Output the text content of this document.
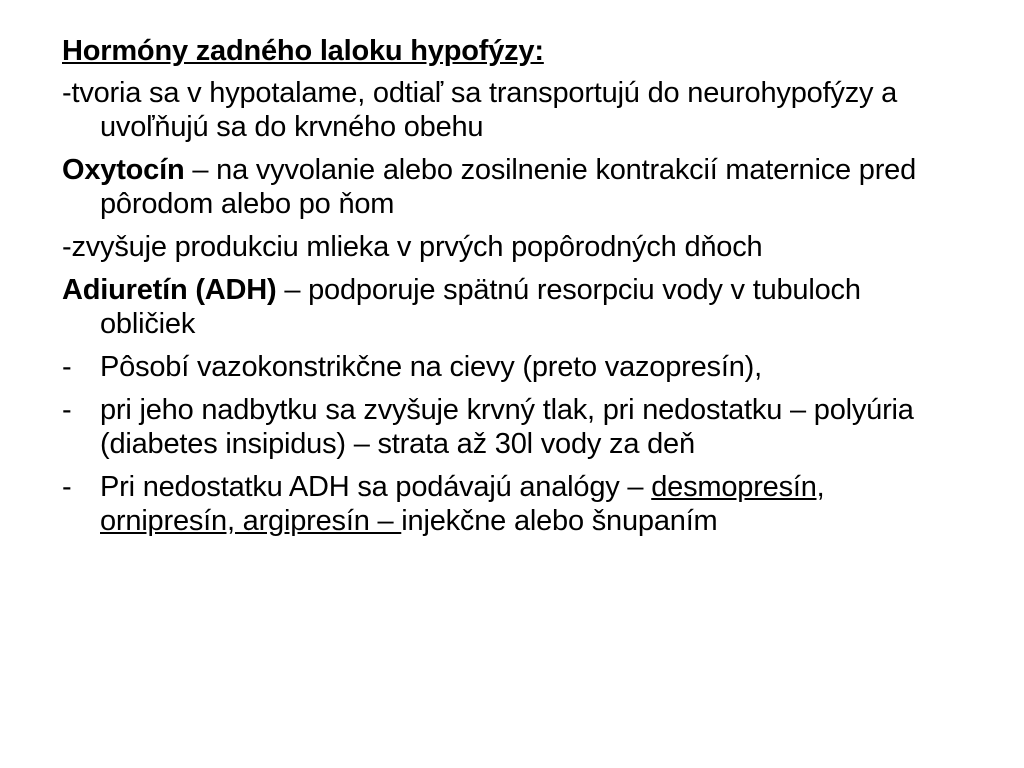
Hormóny zadného laloku hypofýzy:

-tvoria sa v hypotalame, odtiaľ sa transportujú do neurohypofýzy a uvoľňujú sa do krvného obehu

Oxytocín – na vyvolanie alebo zosilnenie kontrakcií maternice pred pôrodom alebo po ňom

-zvyšuje produkciu mlieka v prvých popôrodných dňoch

Adiuretín (ADH) – podporuje spätnú resorpciu vody v tubuloch obličiek

- Pôsobí vazokonstrikčne na cievy (preto vazopresín),
- pri jeho nadbytku sa zvyšuje krvný tlak, pri nedostatku – polyúria (diabetes insipidus) – strata až 30l vody za deň
- Pri nedostatku ADH sa podávajú analógy – desmopresín, ornipresín, argipresín – injekčne alebo šnupaním
